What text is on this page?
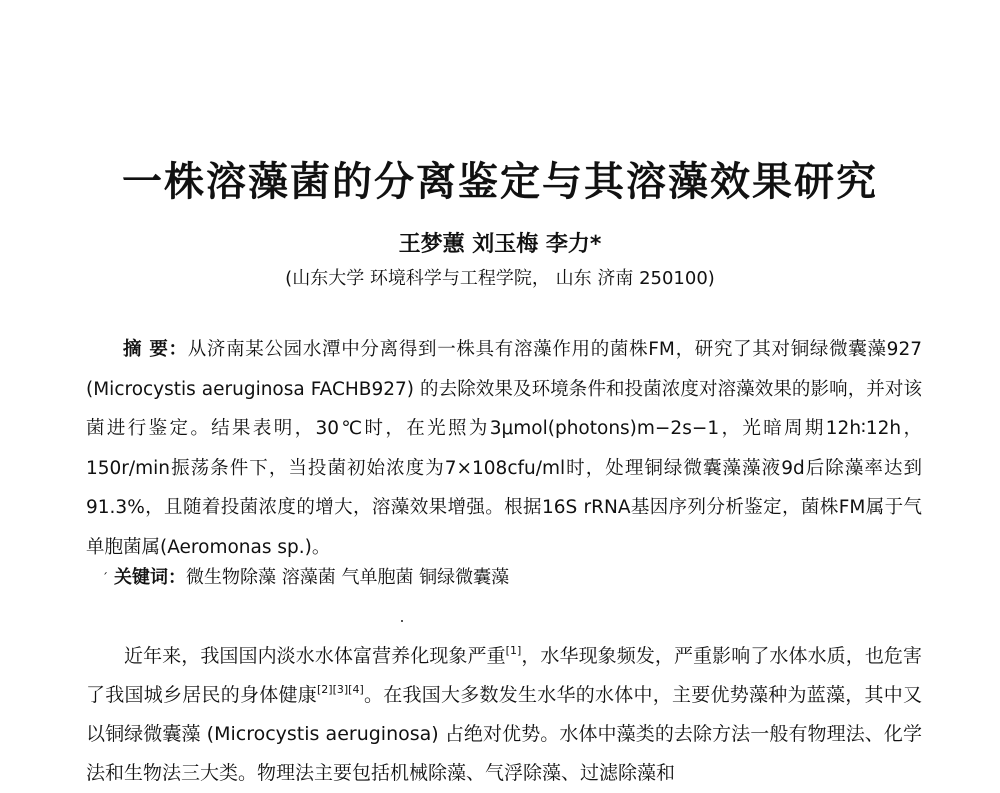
一株溶藻菌的分离鉴定与其溶藻效果研究
王梦蕙 刘玉梅 李力*
(山东大学 环境科学与工程学院， 山东 济南 250100)
摘 要：从济南某公园水潭中分离得到一株具有溶藻作用的菌株FM，研究了其对铜绿微囊藻927 (Microcystis aeruginosa FACHB927) 的去除效果及环境条件和投菌浓度对溶藻效果的影响，并对该菌进行鉴定。结果表明，30℃时，在光照为3μmol(photons)m−2s−1，光暗周期12h∶12h，150r/min振荡条件下，当投菌初始浓度为7×108cfu/ml时，处理铜绿微囊藻藻液9d后除藻率达到91.3%，且随着投菌浓度的增大，溶藻效果增强。根据16S rRNA基因序列分析鉴定，菌株FM属于气单胞菌属(Aeromonas sp.)。
´ 关键词：微生物除藻 溶藻菌 气单胞菌 铜绿微囊藻
近年来，我国国内淡水水体富营养化现象严重[1]，水华现象频发，严重影响了水体水质，也危害了我国城乡居民的身体健康[2][3][4]。在我国大多数发生水华的水体中，主要优势藻种为蓝藻，其中又以铜绿微囊藻 (Microcystis aeruginosa) 占绝对优势。水体中藻类的去除方法一般有物理法、化学法和生物法三大类。物理法主要包括机械除藻、气浮除藻、过滤除藻和
